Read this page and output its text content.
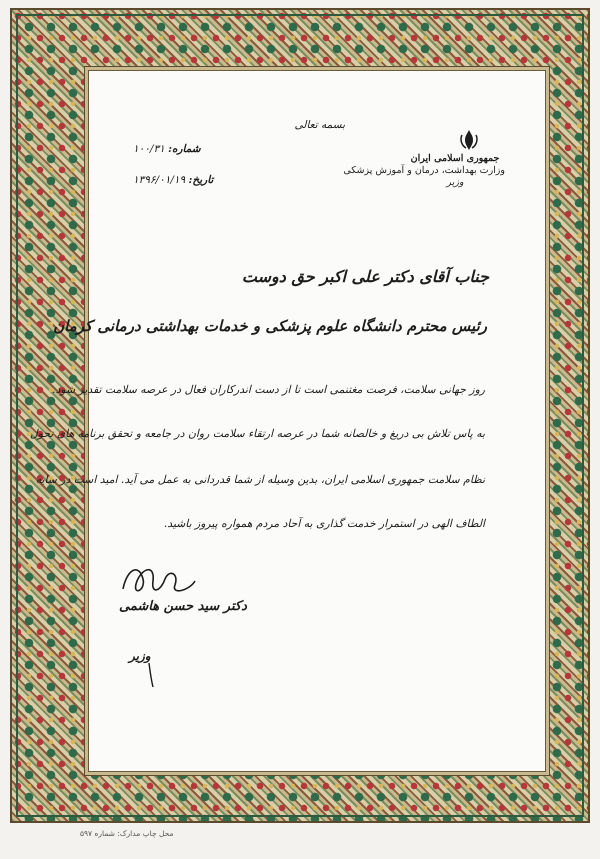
جمهوری اسلامی ایران
وزارت بهداشت، درمان و آموزش پزشکی
وزیر
بسمه تعالی
شماره: ۱۰۰/۳۱
تاریخ: ۱۳۹۶/۰۱/۱۹
جناب آقای دکتر علی اکبر حق دوست
رئیس محترم دانشگاه علوم پزشکی و خدمات بهداشتی درمانی کرمان
روز جهانی سلامت، فرصت مغتنمی است تا از دست اندرکاران فعال در عرصه سلامت تقدیر شود.
به پاس تلاش بی دریغ و خالصانه شما در عرصه ارتقاء سلامت روان در جامعه و تحقق برنامه های تحول
نظام سلامت جمهوری اسلامی ایران، بدین وسیله از شما قدردانی به عمل می آید. امید است در سایه
الطاف الهی در استمرار خدمت گذاری به آحاد مردم همواره پیروز باشید.
دکتر سید حسن هاشمی
وزیر
محل چاپ مدارک: شماره ۵۹۷
